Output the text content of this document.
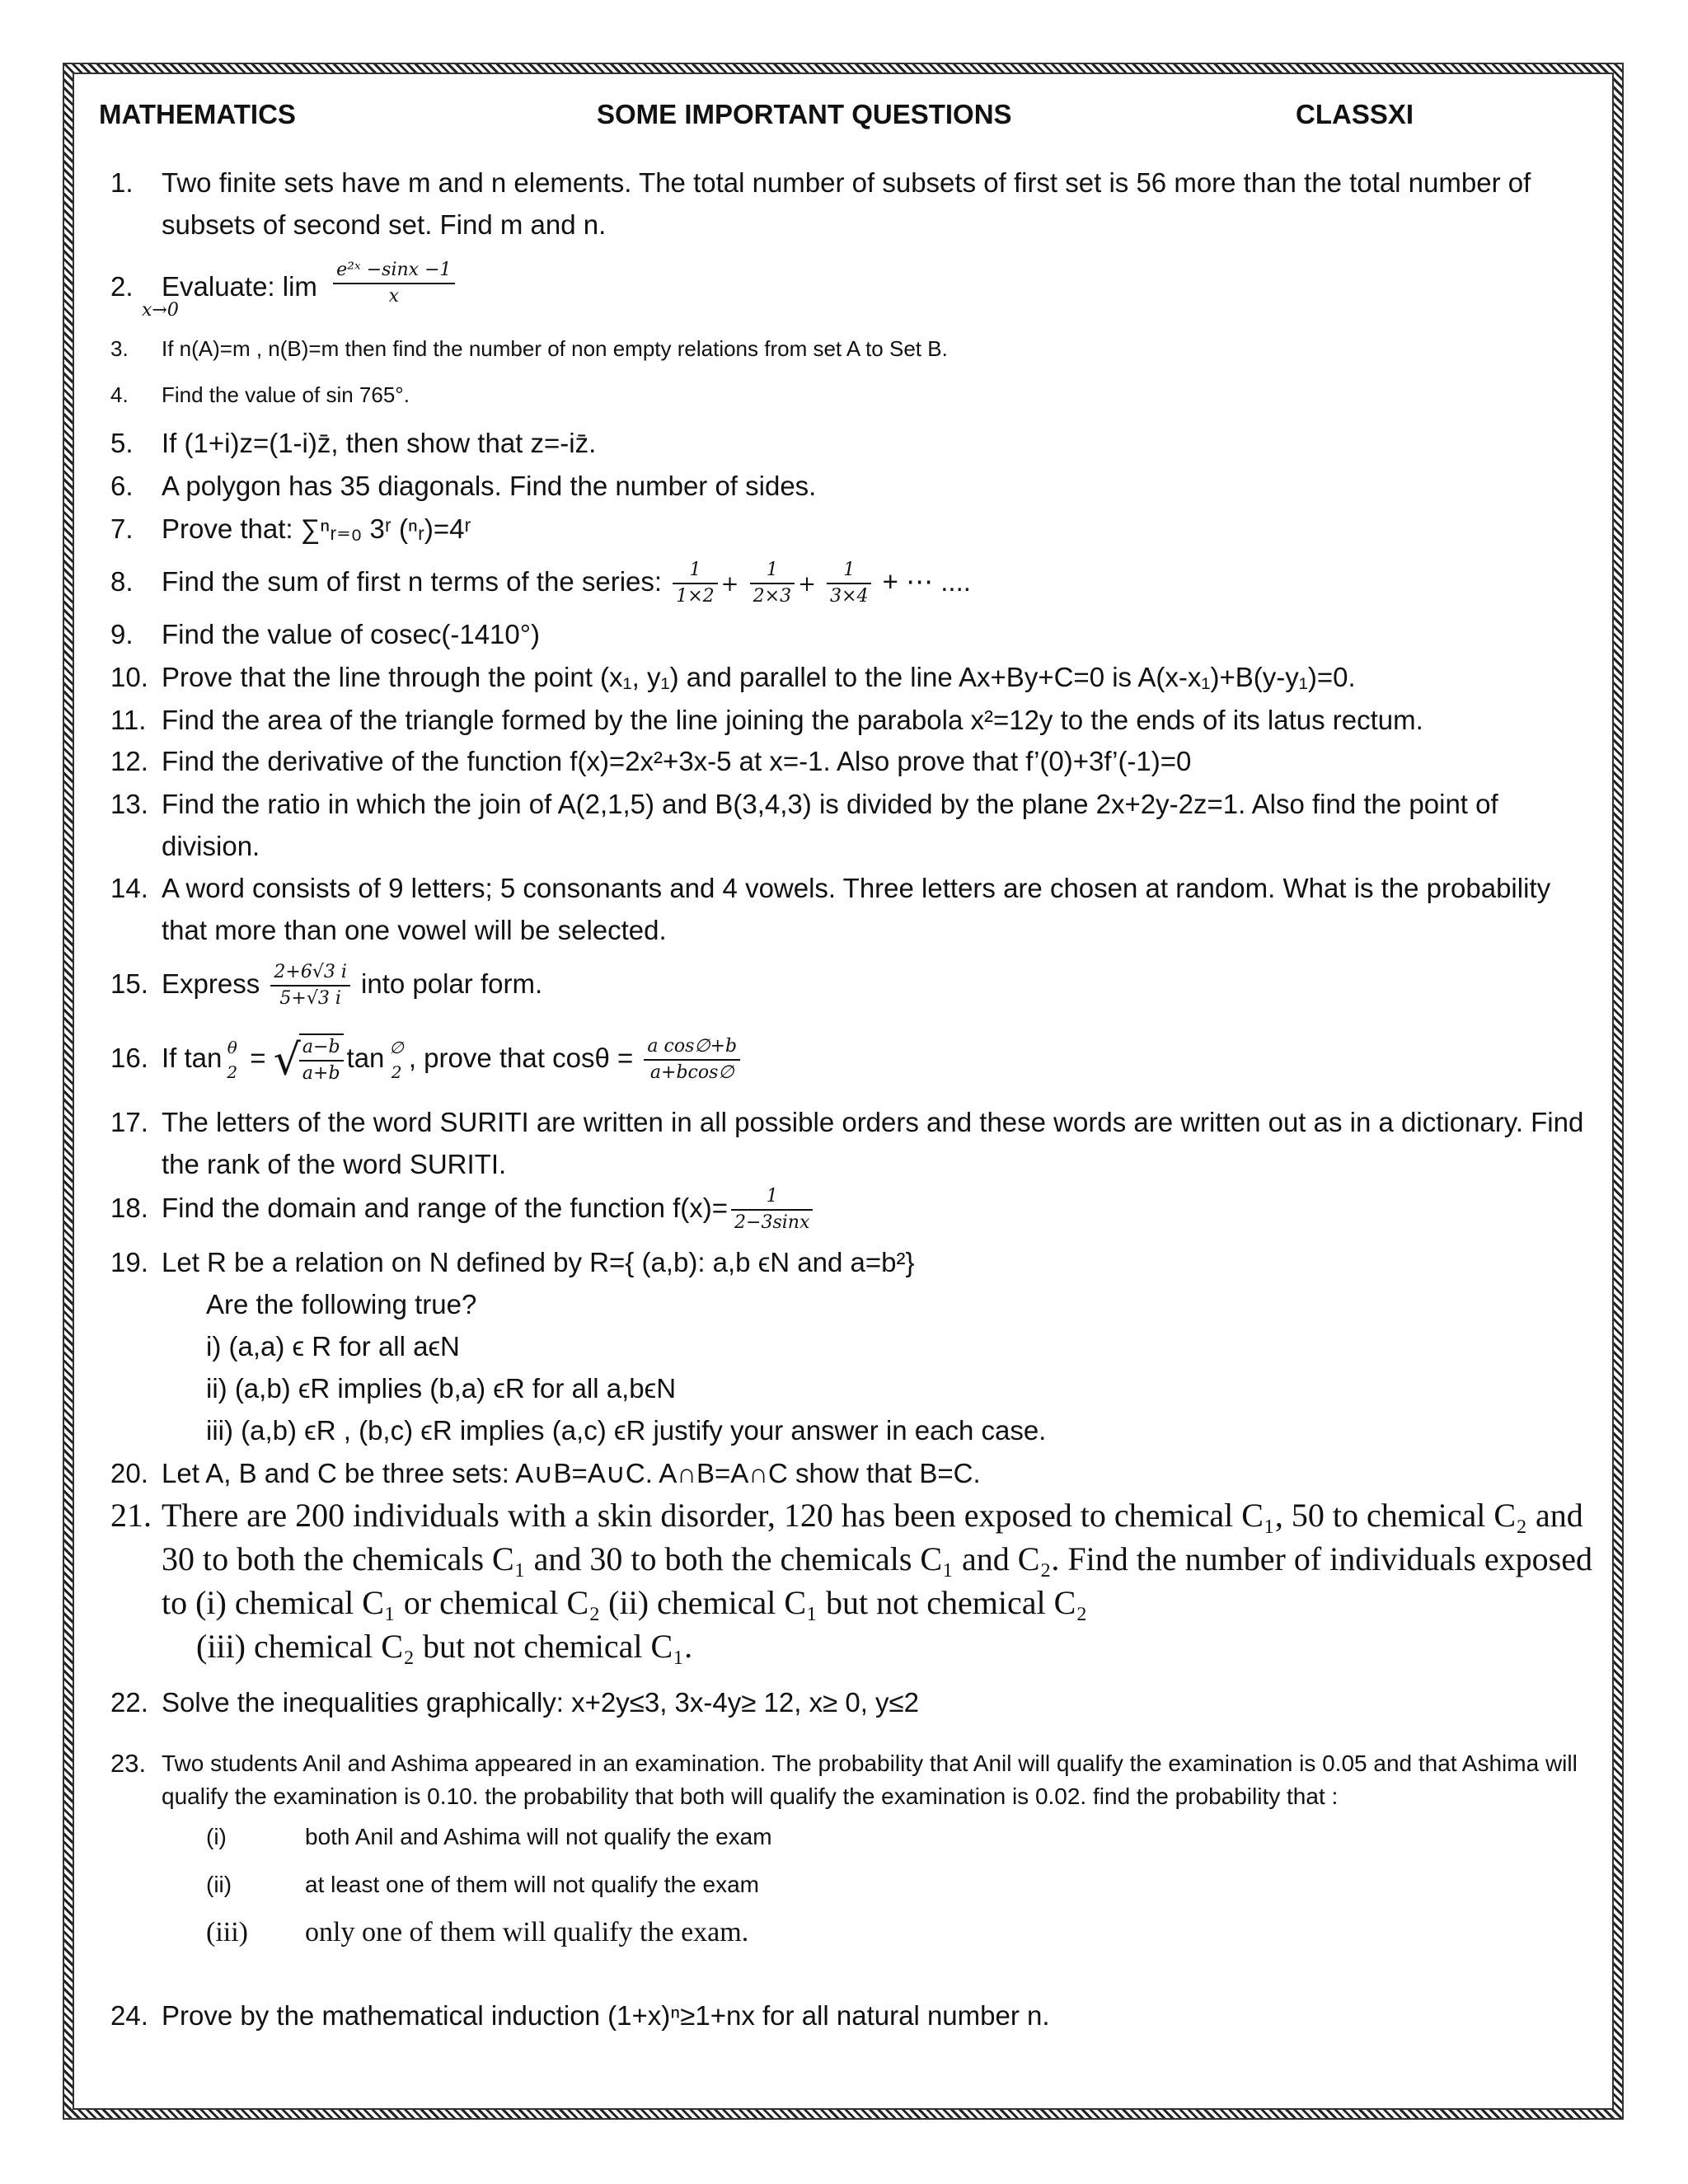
MATHEMATICS	SOME IMPORTANT QUESTIONS	CLASSXI
1. Two finite sets have m and n elements. The total number of subsets of first set is 56 more than the total number of subsets of second set. Find m and n.
2. Evaluate: $\lim \frac{\text{e²ˣ −sinx −1}}{x}$
x→0
3. If n(A)=m , n(B)=m then find the number of non empty relations from set A to Set B.
4. Find the value of sin 765°.
5. If (1+i)z=(1-i)z̄, then show that z=-iz̄.
6. A polygon has 35 diagonals. Find the number of sides.
7. Prove that: ∑ⁿᵣ₌₀ 3ʳ (ⁿᵣ)=4ʳ
8. Find the sum of first n terms of the series: $\frac{1}{1\times 2} + \frac{1}{2\times 3} + \frac{1}{3\times 4}$ + ⋯ ....
9. Find the value of cosec(-1410°)
10. Prove that the line through the point (x₁, y₁) and parallel to the line Ax+By+C=0 is A(x-x₁)+B(y-y₁)=0.
11. Find the area of the triangle formed by the line joining the parabola x²=12y to the ends of its latus rectum.
12. Find the derivative of the function f(x)=2x²+3x-5 at x=-1. Also prove that f’(0)+3f’(-1)=0
13. Find the ratio in which the join of A(2,1,5) and B(3,4,3) is divided by the plane 2x+2y-2z=1. Also find the point of division.
14. A word consists of 9 letters; 5 consonants and 4 vowels. Three letters are chosen at random. What is the probability that more than one vowel will be selected.
15. Express $\frac{2+6√3 i}{5+√3 i}$ into polar form.
16. If tan θ
2 = √
$\frac{a-b}{a+b}$ tan ∅
2 , prove that $\cos\theta = \frac{\text{a cos∅+b}}{a+bcos\emptyset}$
17. The letters of the word SURITI are written in all possible orders and these words are written out as in a dictionary. Find the rank of the word SURITI.
18. Find the domain and range of the function $f(x)= \frac{1}{2-3\sin x}$
19. Let R be a relation on N defined by R={ (a,b): a,b ϵN and a=b²}
Are the following true?
i) (a,a) ϵ R for all aϵN
ii) (a,b) ϵR implies (b,a) ϵR for all a,bϵN
iii) (a,b) ϵR , (b,c) ϵR implies (a,c) ϵR justify your answer in each case.
20. Let A, B and C be three sets: A∪B=A∪C. A∩B=A∩C show that B=C.
21. There are 200 individuals with a skin disorder, 120 has been exposed to chemical C₁, 50 to chemical C₂ and 30 to both the chemicals C₁ and 30 to both the chemicals C₁ and C₂. Find the number of individuals exposed to (i) chemical C₁ or chemical C₂ (ii) chemical C₁ but not chemical C₂
(iii) chemical C₂ but not chemical C₁.
22. Solve the inequalities graphically: x+2y≤3, 3x-4y≥ 12, x≥ 0, y≤2
23. Two students Anil and Ashima appeared in an examination. The probability that Anil will qualify the examination is 0.05 and that Ashima will qualify the examination is 0.10. the probability that both will qualify the examination is 0.02. find the probability that :
(i)	both Anil and Ashima will not qualify the exam
(ii)	at least one of them will not qualify the exam
(iii) only one of them will qualify the exam.
24. Prove by the mathematical induction (1+x)ⁿ≥1+nx for all natural number n.
